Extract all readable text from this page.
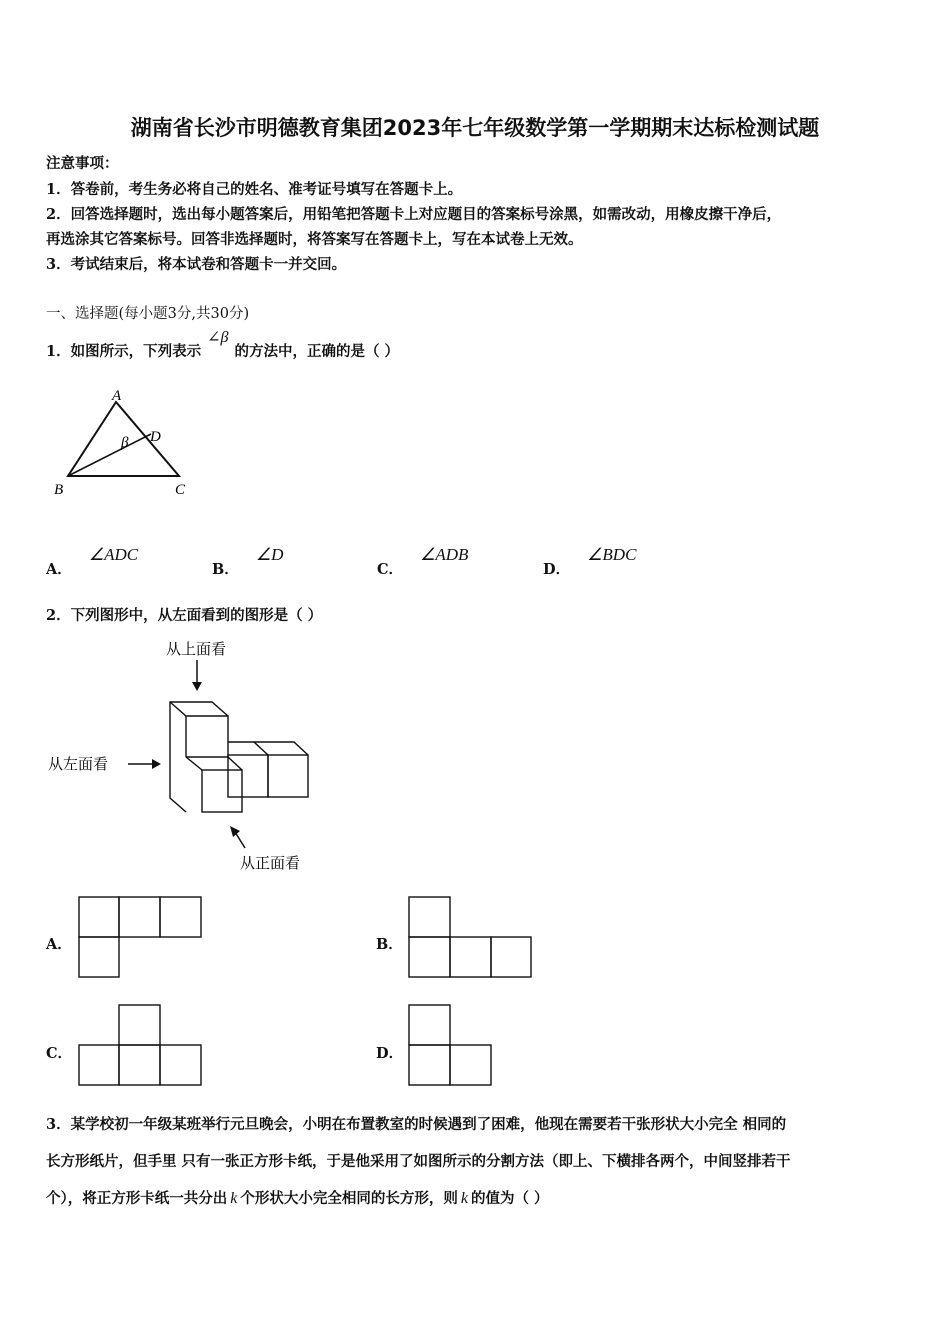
湖南省长沙市明德教育集团2023年七年级数学第一学期期末达标检测试题
注意事项：
1．答卷前，考生务必将自己的姓名、准考证号填写在答题卡上。
2．回答选择题时，选出每小题答案后，用铅笔把答题卡上对应题目的答案标号涂黑，如需改动，用橡皮擦干净后，
再选涂其它答案标号。回答非选择题时，将答案写在答题卡上，写在本试卷上无效。
3．考试结束后，将本试卷和答题卡一并交回。
一、选择题(每小题3分,共30分)
1．如图所示，下列表示∠β的方法中，正确的是（ ）
A
B	C
D
β
A． ∠ADC
B． ∠D
C． ∠ADB
D． ∠BDC
2．下列图形中，从左面看到的图形是（ ）
从上面看
从左面看
从正面看
A．	B．
C．	D．
3．某学校初一年级某班举行元旦晚会，小明在布置教室的时候遇到了困难，他现在需要若干张形状大小完全 相同的
长方形纸片，但手里 只有一张正方形卡纸，于是他采用了如图所示的分割方法（即上、下横排各两个，中间竖排若干
个），将正方形卡纸一共分出 k 个形状大小完全相同的长方形，则 k 的值为（ ）
